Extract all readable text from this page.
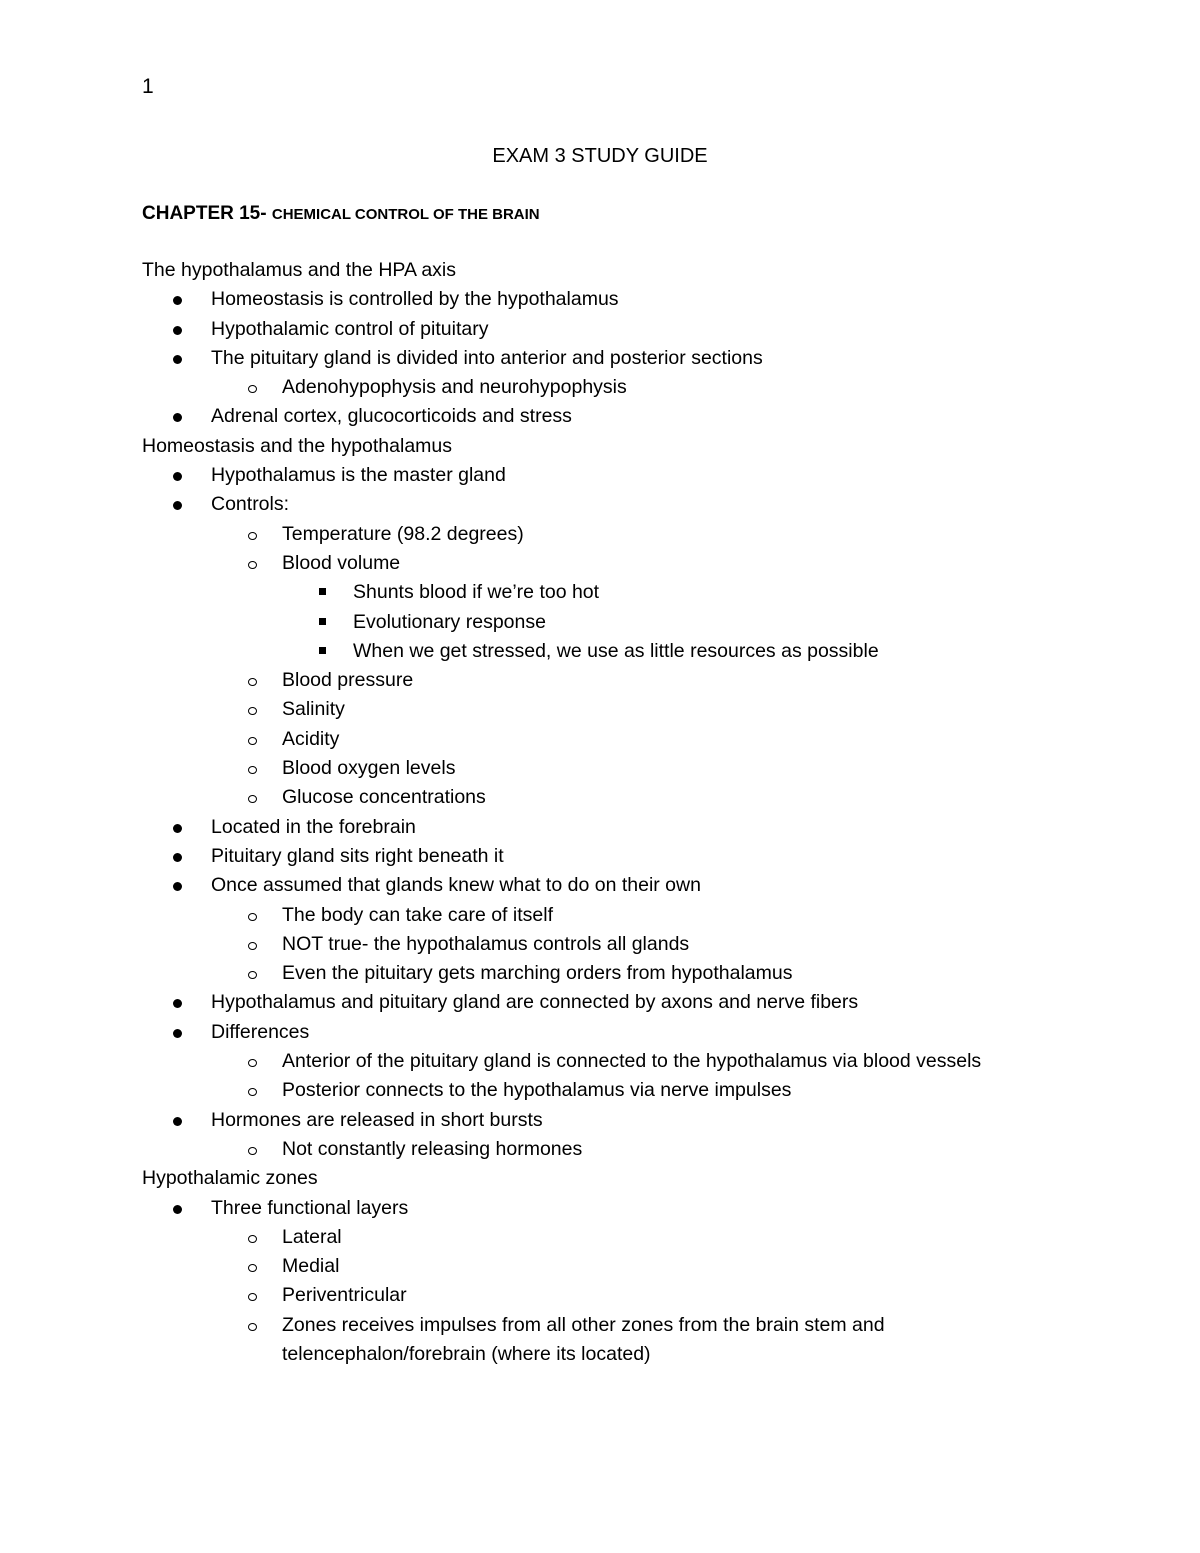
1
EXAM 3 STUDY GUIDE
CHAPTER 15- CHEMICAL CONTROL OF THE BRAIN
The hypothalamus and the HPA axis
Homeostasis is controlled by the hypothalamus
Hypothalamic control of pituitary
The pituitary gland is divided into anterior and posterior sections
Adenohypophysis and neurohypophysis
Adrenal cortex, glucocorticoids and stress
Homeostasis and the hypothalamus
Hypothalamus is the master gland
Controls:
Temperature (98.2 degrees)
Blood volume
Shunts blood if we’re too hot
Evolutionary response
When we get stressed, we use as little resources as possible
Blood pressure
Salinity
Acidity
Blood oxygen levels
Glucose concentrations
Located in the forebrain
Pituitary gland sits right beneath it
Once assumed that glands knew what to do on their own
The body can take care of itself
NOT true- the hypothalamus controls all glands
Even the pituitary gets marching orders from hypothalamus
Hypothalamus and pituitary gland are connected by axons and nerve fibers
Differences
Anterior of the pituitary gland is connected to the hypothalamus via blood vessels
Posterior connects to the hypothalamus via nerve impulses
Hormones are released in short bursts
Not constantly releasing hormones
Hypothalamic zones
Three functional layers
Lateral
Medial
Periventricular
Zones receives impulses from all other zones from the brain stem and telencephalon/forebrain (where its located)
